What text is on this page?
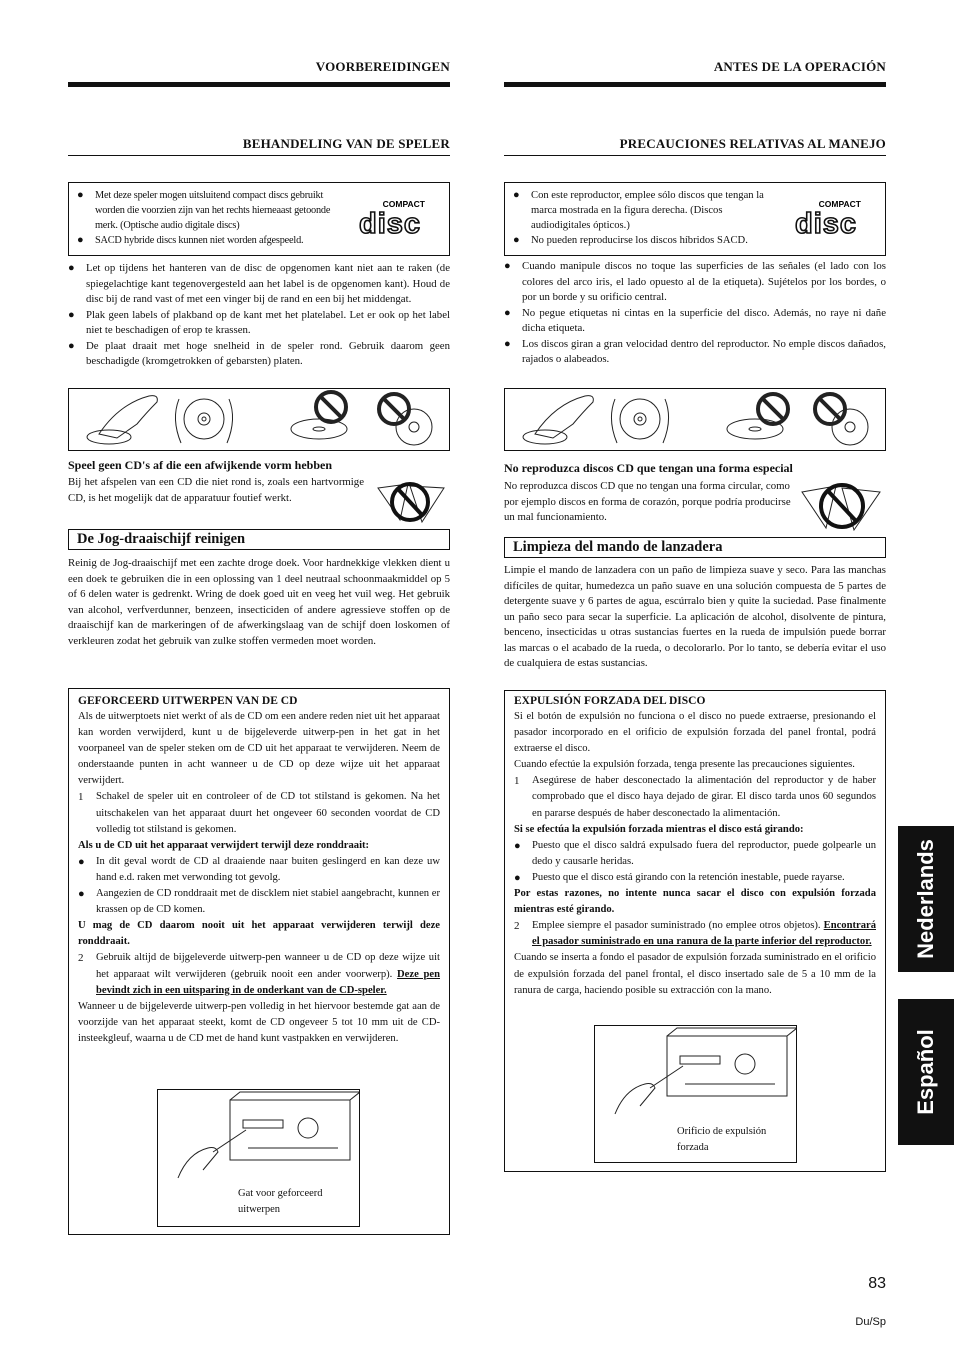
VOORBEREIDINGEN
BEHANDELING VAN DE SPELER
● Met deze speler mogen uitsluitend compact discs gebruikt worden die voorzien zijn van het rechts hierneaast getoonde merk. (Optische audio digitale discs)
● SACD hybride discs kunnen niet worden afgespeeld.
COMPACT
disc
● Let op tijdens het hanteren van de disc de opgenomen kant niet aan te raken (de spiegelachtige kant tegenovergesteld aan het label is de opgenomen kant). Houd de disc bij de rand vast of met een vinger bij de rand en een bij het middengat.
● Plak geen labels of plakband op de kant met het platelabel. Let er ook op het label niet te beschadigen of erop te krassen.
● De plaat draait met hoge snelheid in de speler rond. Gebruik daarom geen beschadigde (kromgetrokken of gebarsten) platen.
Speel geen CD's af die een afwijkende vorm hebben
Bij het afspelen van een CD die niet rond is, zoals een hartvormige CD, is het mogelijk dat de apparatuur foutief werkt.
De Jog-draaischijf reinigen
Reinig de Jog-draaischijf met een zachte droge doek. Voor hardnekkige vlekken dient u een doek te gebruiken die in een oplossing van 1 deel neutraal schoonmaakmiddel op 5 of 6 delen water is gedrenkt. Wring de doek goed uit en veeg het vuil weg. Het gebruik van alcohol, verfverdunner, benzeen, insecticiden of andere agressieve stoffen op de draaischijf kan de markeringen of de afwerkingslaag van de schijf doen loskomen of verkleuren zodat het gebruik van zulke stoffen vermeden moet worden.
GEFORCEERD UITWERPEN VAN DE CD
Als de uitwerptoets niet werkt of als de CD om een andere reden niet uit het apparaat kan worden verwijderd, kunt u de bijgeleverde uitwerp-pen in het gat in het voorpaneel van de speler steken om de CD uit het apparaat te verwijderen. Neem de onderstaande punten in acht wanneer u de CD op deze wijze uit het apparaat verwijdert.
1 Schakel de speler uit en controleer of de CD tot stilstand is gekomen. Na het uitschakelen van het apparaat duurt het ongeveer 60 seconden voordat de CD volledig tot stilstand is gekomen.
Als u de CD uit het apparaat verwijdert terwijl deze ronddraait:
● In dit geval wordt de CD al draaiende naar buiten geslingerd en kan deze uw hand e.d. raken met verwonding tot gevolg.
● Aangezien de CD ronddraait met de discklem niet stabiel aangebracht, kunnen er krassen op de CD komen.
U mag de CD daarom nooit uit het apparaat verwijderen terwijl deze ronddraait.
2 Gebruik altijd de bijgeleverde uitwerp-pen wanneer u de CD op deze wijze uit het apparaat wilt verwijderen (gebruik nooit een ander voorwerp). Deze pen bevindt zich in een uitsparing in de onderkant van de CD-speler.
Wanneer u de bijgeleverde uitwerp-pen volledig in het hiervoor bestemde gat aan de voorzijde van het apparaat steekt, komt de CD ongeveer 5 tot 10 mm uit de CD-insteekgleuf, waarna u de CD met de hand kunt vastpakken en verwijderen.
Gat voor geforceerd uitwerpen
ANTES DE LA OPERACIÓN
PRECAUCIONES RELATIVAS AL MANEJO
● Con este reproductor, emplee sólo discos que tengan la marca mostrada en la figura derecha. (Discos audiodigitales ópticos.)
● No pueden reproducirse los discos híbridos SACD.
COMPACT
disc
● Cuando manipule discos no toque las superficies de las señales (el lado con los colores del arco iris, el lado opuesto al de la etiqueta). Sujételos por los bordes, o por un borde y su orificio central.
● No pegue etiquetas ni cintas en la superficie del disco. Además, no raye ni dañe dicha etiqueta.
● Los discos giran a gran velocidad dentro del reproductor. No emple discos dañados, rajados o alabeados.
No reproduzca discos CD que tengan una forma especial
No reproduzca discos CD que no tengan una forma circular, como por ejemplo discos en forma de corazón, porque podría producirse un mal funcionamiento.
Limpieza del mando de lanzadera
Limpie el mando de lanzadera con un paño de limpieza suave y seco. Para las manchas difíciles de quitar, humedezca un paño suave en una solución compuesta de 5 partes de detergente suave y 6 partes de agua, escúrralo bien y quite la suciedad. Pase finalmente un paño seco para secar la superficie. La aplicación de alcohol, disolvente de pintura, benceno, insecticidas u otras sustancias fuertes en la rueda de impulsión puede borrar las marcas o el acabado de la rueda, o decolorarlo. Por lo tanto, se debería evitar el uso de cualquiera de estas sustancias.
EXPULSIÓN FORZADA DEL DISCO
Si el botón de expulsión no funciona o el disco no puede extraerse, presionando el pasador incorporado en el orificio de expulsión forzada del panel frontal, podrá extraerse el disco.
Cuando efectúe la expulsión forzada, tenga presente las precauciones siguientes.
1 Asegúrese de haber desconectado la alimentación del reproductor y de haber comprobado que el disco haya dejado de girar. El disco tarda unos 60 segundos en pararse después de haber desconectado la alimentación.
Si se efectúa la expulsión forzada mientras el disco está girando:
● Puesto que el disco saldrá expulsado fuera del reproductor, puede golpearle un dedo y causarle heridas.
● Puesto que el disco está girando con la retención inestable, puede rayarse.
Por estas razones, no intente nunca sacar el disco con expulsión forzada mientras esté girando.
2 Emplee siempre el pasador suministrado (no emplee otros objetos). Encontrará el pasador suministrado en una ranura de la parte inferior del reproductor.
Cuando se inserta a fondo el pasador de expulsión forzada suministrado en el orificio de expulsión forzada del panel frontal, el disco insertado sale de 5 a 10 mm de la ranura de carga, haciendo posible su extracción con la mano.
Orificio de expulsión forzada
Nederlands
Español
83
Du/Sp
